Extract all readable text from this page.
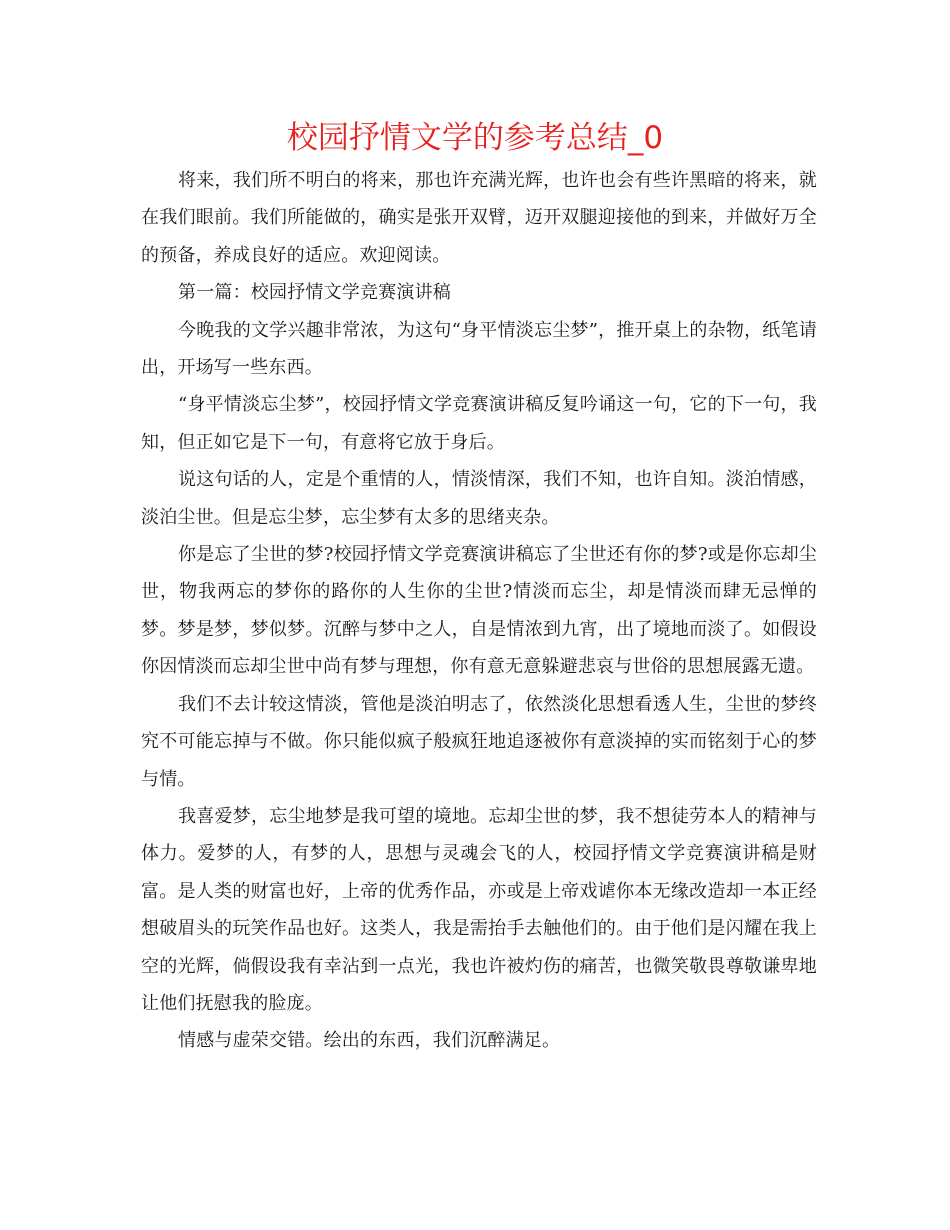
校园抒情文学的参考总结_0

将来，我们所不明白的将来，那也许充满光辉，也许也会有些许黑暗的将来，就在我们眼前。我们所能做的，确实是张开双臂，迈开双腿迎接他的到来，并做好万全的预备，养成良好的适应。欢迎阅读。

第一篇：校园抒情文学竞赛演讲稿

今晚我的文学兴趣非常浓，为这句“身平情淡忘尘梦”，推开桌上的杂物，纸笔请出，开场写一些东西。

“身平情淡忘尘梦”，校园抒情文学竞赛演讲稿反复吟诵这一句，它的下一句，我知，但正如它是下一句，有意将它放于身后。

说这句话的人，定是个重情的人，情淡情深，我们不知，也许自知。淡泊情感，淡泊尘世。但是忘尘梦，忘尘梦有太多的思绪夹杂。

你是忘了尘世的梦?校园抒情文学竞赛演讲稿忘了尘世还有你的梦?或是你忘却尘世，物我两忘的梦你的路你的人生你的尘世?情淡而忘尘，却是情淡而肆无忌惮的梦。梦是梦，梦似梦。沉醉与梦中之人，自是情浓到九宵，出了境地而淡了。如假设你因情淡而忘却尘世中尚有梦与理想，你有意无意躲避悲哀与世俗的思想展露无遗。

我们不去计较这情淡，管他是淡泊明志了，依然淡化思想看透人生，尘世的梦终究不可能忘掉与不做。你只能似疯子般疯狂地追逐被你有意淡掉的实而铭刻于心的梦与情。

我喜爱梦，忘尘地梦是我可望的境地。忘却尘世的梦，我不想徒劳本人的精神与体力。爱梦的人，有梦的人，思想与灵魂会飞的人，校园抒情文学竞赛演讲稿是财富。是人类的财富也好，上帝的优秀作品，亦或是上帝戏谑你本无缘改造却一本正经想破眉头的玩笑作品也好。这类人，我是需抬手去触他们的。由于他们是闪耀在我上空的光辉，倘假设我有幸沾到一点光，我也许被灼伤的痛苦，也微笑敬畏尊敬谦卑地让他们抚慰我的脸庞。

情感与虚荣交错。绘出的东西，我们沉醉满足。
